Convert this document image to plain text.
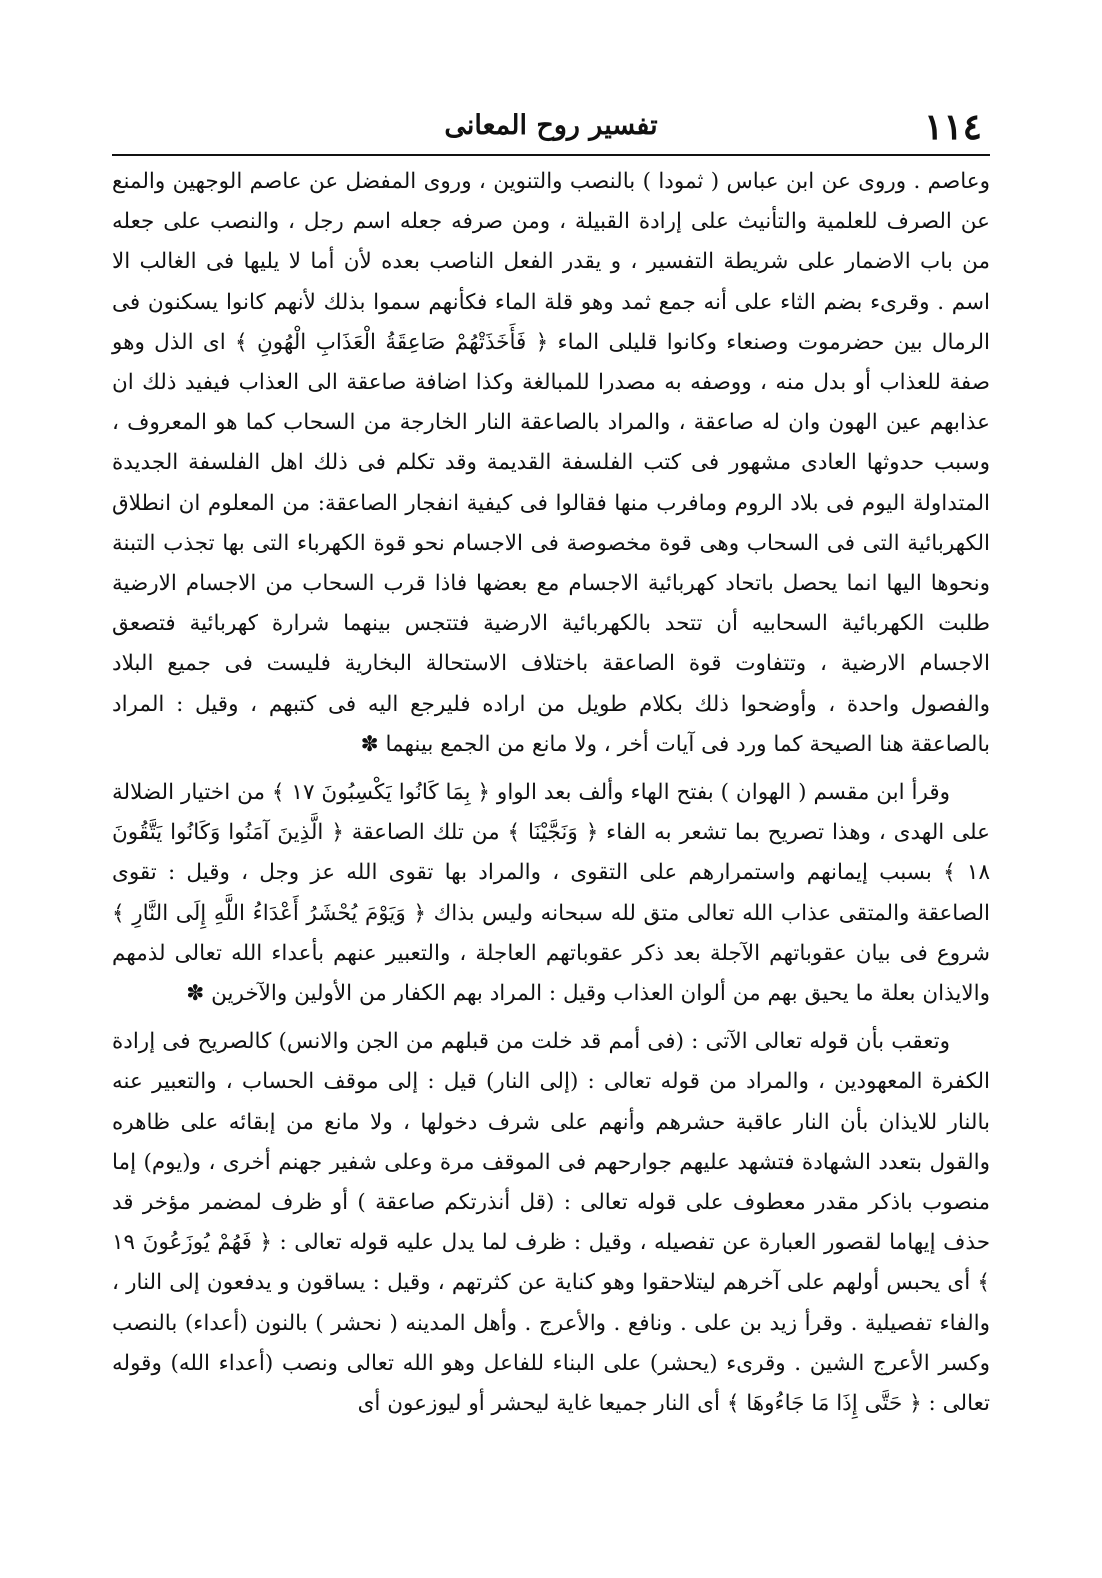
١١٤
تفسير روح المعانى

وعاصم . وروى عن ابن عباس ( ثمودا ) بالنصب والتنوين ، وروى المفضل عن عاصم الوجهين والمنع عن الصرف للعلمية والتأنيث على إرادة القبيلة ، ومن صرفه جعله اسم رجل ، والنصب على جعله من باب الاضمار على شريطة التفسير ، و يقدر الفعل الناصب بعده لأن أما لا يليها فى الغالب الا اسم . وقرىء بضم الثاء على أنه جمع ثمد وهو قلة الماء فكأنهم سموا بذلك لأنهم كانوا يسكنون فى الرمال بين حضرموت وصنعاء وكانوا قليلى الماء ﴿ فَأَخَذَتْهُمْ صَاعِقَةُ الْعَذَابِ الْهُونِ ﴾ اى الذل وهو صفة للعذاب أو بدل منه ، ووصفه به مصدرا للمبالغة وكذا اضافة صاعقة الى العذاب فيفيد ذلك ان عذابهم عين الهون وان له صاعقة ، والمراد بالصاعقة النار الخارجة من السحاب كما هو المعروف ، وسبب حدوثها العادى مشهور فى كتب الفلسفة القديمة وقد تكلم فى ذلك اهل الفلسفة الجديدة المتداولة اليوم فى بلاد الروم ومافرب منها فقالوا فى كيفية انفجار الصاعقة: من المعلوم ان انطلاق الكهربائية التى فى السحاب وهى قوة مخصوصة فى الاجسام نحو قوة الكهرباء التى بها تجذب التبنة ونحوها اليها انما يحصل باتحاد كهربائية الاجسام مع بعضها فاذا قرب السحاب من الاجسام الارضية طلبت الكهربائية السحابيه أن تتحد بالكهربائية الارضية فتتجس بينهما شرارة كهربائية فتصعق الاجسام الارضية ، وتتفاوت قوة الصاعقة باختلاف الاستحالة البخارية فليست فى جميع البلاد والفصول واحدة ، وأوضحوا ذلك بكلام طويل من اراده فليرجع اليه فى كتبهم ، وقيل : المراد بالصاعقة هنا الصيحة كما ورد فى آيات أخر ، ولا مانع من الجمع بينهما ✽

وقرأ ابن مقسم ( الهوان ) بفتح الهاء وألف بعد الواو ﴿ بِمَا كَانُوا يَكْسِبُونَ ١٧ ﴾ من اختيار الضلالة على الهدى ، وهذا تصريح بما تشعر به الفاء ﴿ وَنَجَّيْنَا ﴾ من تلك الصاعقة ﴿ الَّذِينَ آمَنُوا وَكَانُوا يَتَّقُونَ ١٨ ﴾ بسبب إيمانهم واستمرارهم على التقوى ، والمراد بها تقوى الله عز وجل ، وقيل : تقوى الصاعقة والمتقى عذاب الله تعالى متق لله سبحانه وليس بذاك ﴿ وَيَوْمَ يُحْشَرُ أَعْدَاءُ اللَّهِ إِلَى النَّارِ ﴾ شروع فى بيان عقوباتهم الآجلة بعد ذكر عقوباتهم العاجلة ، والتعبير عنهم بأعداء الله تعالى لذمهم والايذان بعلة ما يحيق بهم من ألوان العذاب وقيل : المراد بهم الكفار من الأولين والآخرين ✽

وتعقب بأن قوله تعالى الآتى : (فى أمم قد خلت من قبلهم من الجن والانس) كالصريح فى إرادة الكفرة المعهودين ، والمراد من قوله تعالى : (إلى النار) قيل : إلى موقف الحساب ، والتعبير عنه بالنار للايذان بأن النار عاقبة حشرهم وأنهم على شرف دخولها ، ولا مانع من إبقائه على ظاهره والقول بتعدد الشهادة فتشهد عليهم جوارحهم فى الموقف مرة وعلى شفير جهنم أخرى ، و(يوم) إما منصوب باذكر مقدر معطوف على قوله تعالى : (قل أنذرتكم صاعقة ) أو ظرف لمضمر مؤخر قد حذف إيهاما لقصور العبارة عن تفصيله ، وقيل : ظرف لما يدل عليه قوله تعالى : ﴿ فَهُمْ يُوزَعُونَ ١٩ ﴾ أى يحبس أولهم على آخرهم ليتلاحقوا وهو كناية عن كثرتهم ، وقيل : يساقون و يدفعون إلى النار ، والفاء تفصيلية . وقرأ زيد بن على . ونافع . والأعرج . وأهل المدينه ( نحشر ) بالنون (أعداء) بالنصب وكسر الأعرج الشين . وقرىء (يحشر) على البناء للفاعل وهو الله تعالى ونصب (أعداء الله) وقوله تعالى : ﴿ حَتَّى إِذَا مَا جَاءُوهَا ﴾ أى النار جميعا غاية ليحشر أو ليوزعون أى
